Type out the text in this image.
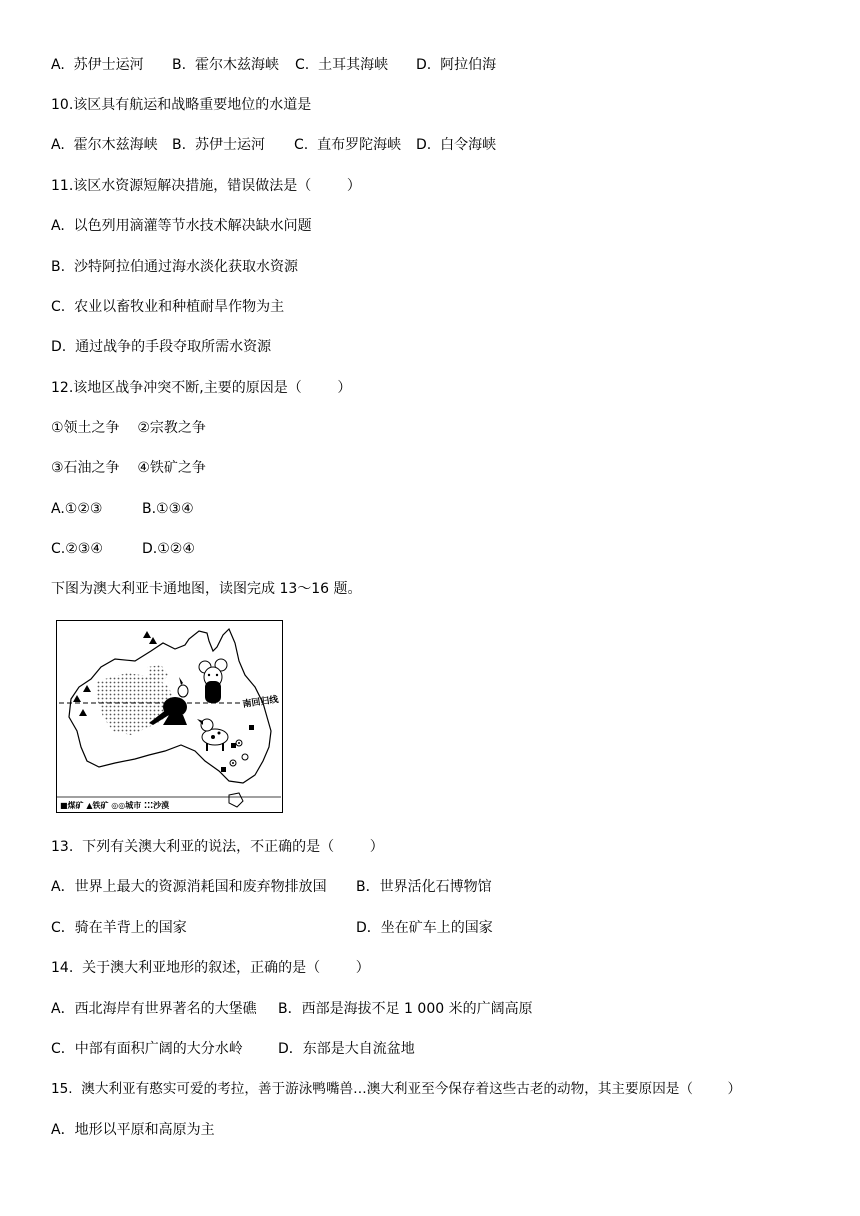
A.  苏伊士运河 B.  霍尔木兹海峡 C.  土耳其海峡 D.  阿拉伯海
10.该区具有航运和战略重要地位的水道是
A.  霍尔木兹海峡 B.  苏伊士运河 C.  直布罗陀海峡 D.  白令海峡
11.该区水资源短解决措施，错误做法是（        ）
A.  以色列用滴灌等节水技术解决缺水问题
B.  沙特阿拉伯通过海水淡化获取水资源
C.  农业以畜牧业和种植耐旱作物为主
D.  通过战争的手段夺取所需水资源
12.该地区战争冲突不断,主要的原因是（        ）
①领土之争    ②宗教之争
③石油之争    ④铁矿之争
A.①②③	B.①③④
C.②③④	D.①②④
下图为澳大利亚卡通地图，读图完成 13～16 题。
南回归线
■煤矿 ▲铁矿 ◎◎城市 ⁚⁚⁚沙漠
13.  下列有关澳大利亚的说法，不正确的是（        ）
A．世界上最大的资源消耗国和废弃物排放国 B．世界活化石博物馆
C．骑在羊背上的国家	D．坐在矿车上的国家
14.  关于澳大利亚地形的叙述，正确的是（        ）
A．西北海岸有世界著名的大堡礁 B．西部是海拔不足 1 000 米的广阔高原
C．中部有面积广阔的大分水岭	D．东部是大自流盆地
15.  澳大利亚有憨实可爱的考拉，善于游泳鸭嘴兽…澳大利亚至今保存着这些古老的动物，其主要原因是（        ）
A．地形以平原和高原为主
